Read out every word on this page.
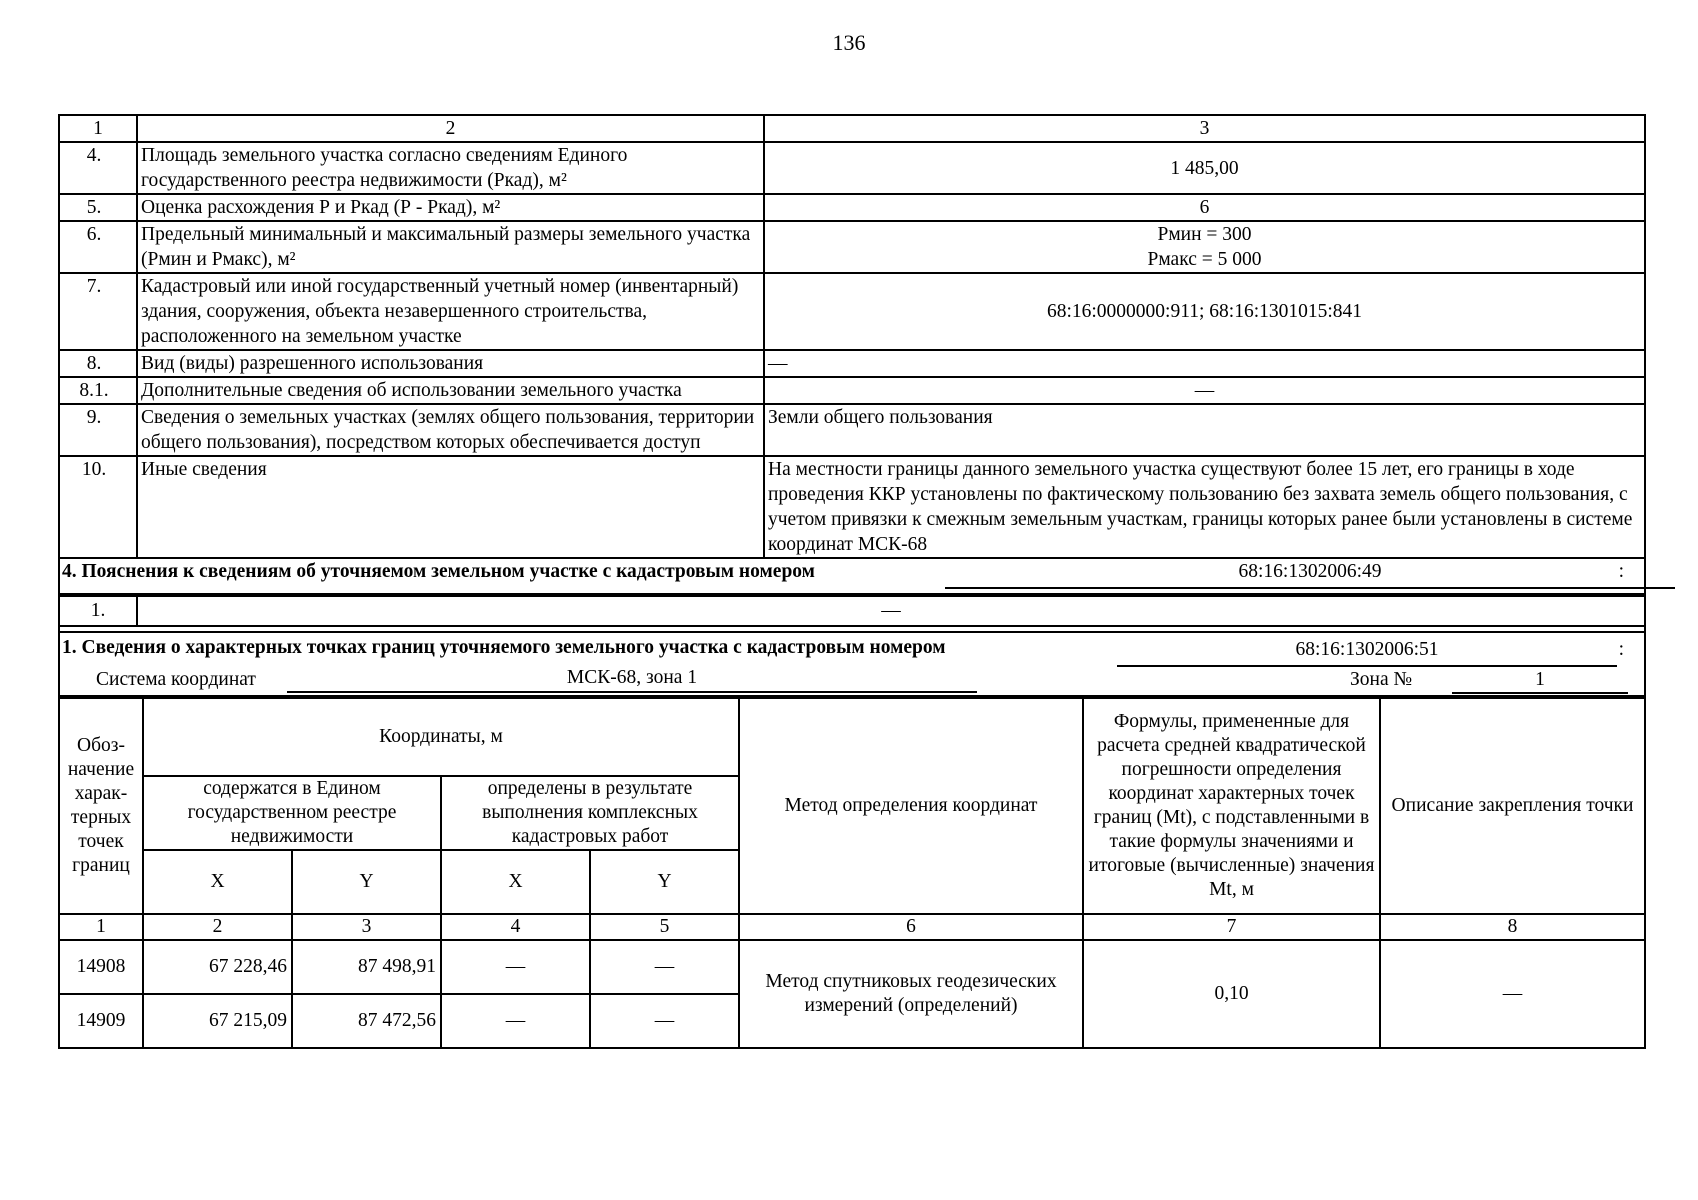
136
1	2	3
4.	Площадь земельного участка согласно сведениям Единого государственного реестра недвижимости (Ркад), м²	1 485,00
5.	Оценка расхождения Р и Ркад (Р - Ркад), м²	6
6.	Предельный минимальный и максимальный размеры земельного участка (Рмин и Рмакс), м²	Рмин = 300
Рмакс = 5 000

7.	Кадастровый или иной государственный учетный номер (инвентарный) здания, сооружения, объекта незавершенного строительства, расположенного на земельном участке	68:16:0000000:911; 68:16:1301015:841
8.	Вид (виды) разрешенного использования	—
8.1.	Дополнительные сведения об использовании земельного участка	—
9.	Сведения о земельных участках (землях общего пользования, территории общего пользования), посредством которых обеспечивается доступ	Земли общего пользования
10.	Иные сведения	На местности границы данного земельного участка существуют более 15 лет, его границы в ходе проведения ККР установлены по фактическому пользованию без захвата земель общего пользования, с учетом привязки к смежным земельным участкам, границы которых ранее были установлены в системе координат МСК-68
4. Пояснения к сведениям об уточняемом земельном участке с кадастровым номером	68:16:1302006:49	:
1.	—
1. Сведения о характерных точках границ уточняемого земельного участка с кадастровым номером	68:16:1302006:51	:
Система координат	МСК-68, зона 1	Зона №	1
Обоз-начение харак-терных точек границ	Координаты, м				Метод определения координат	Формулы, примененные для расчета средней квадратической погрешности определения координат характерных точек границ (Mt), с подставленными в такие формулы значениями и итоговые (вычисленные) значения Mt, м	Описание закрепления точки
	содержатся в Едином государственном реестре недвижимости		определены в результате выполнения комплексных кадастровых работ				
	X	Y	X	Y			
1	2	3	4	5	6	7	8
14908	67 228,46	87 498,91	—	—	Метод спутниковых геодезических измерений (определений)	0,10	—
14909	67 215,09	87 472,56	—	—			
